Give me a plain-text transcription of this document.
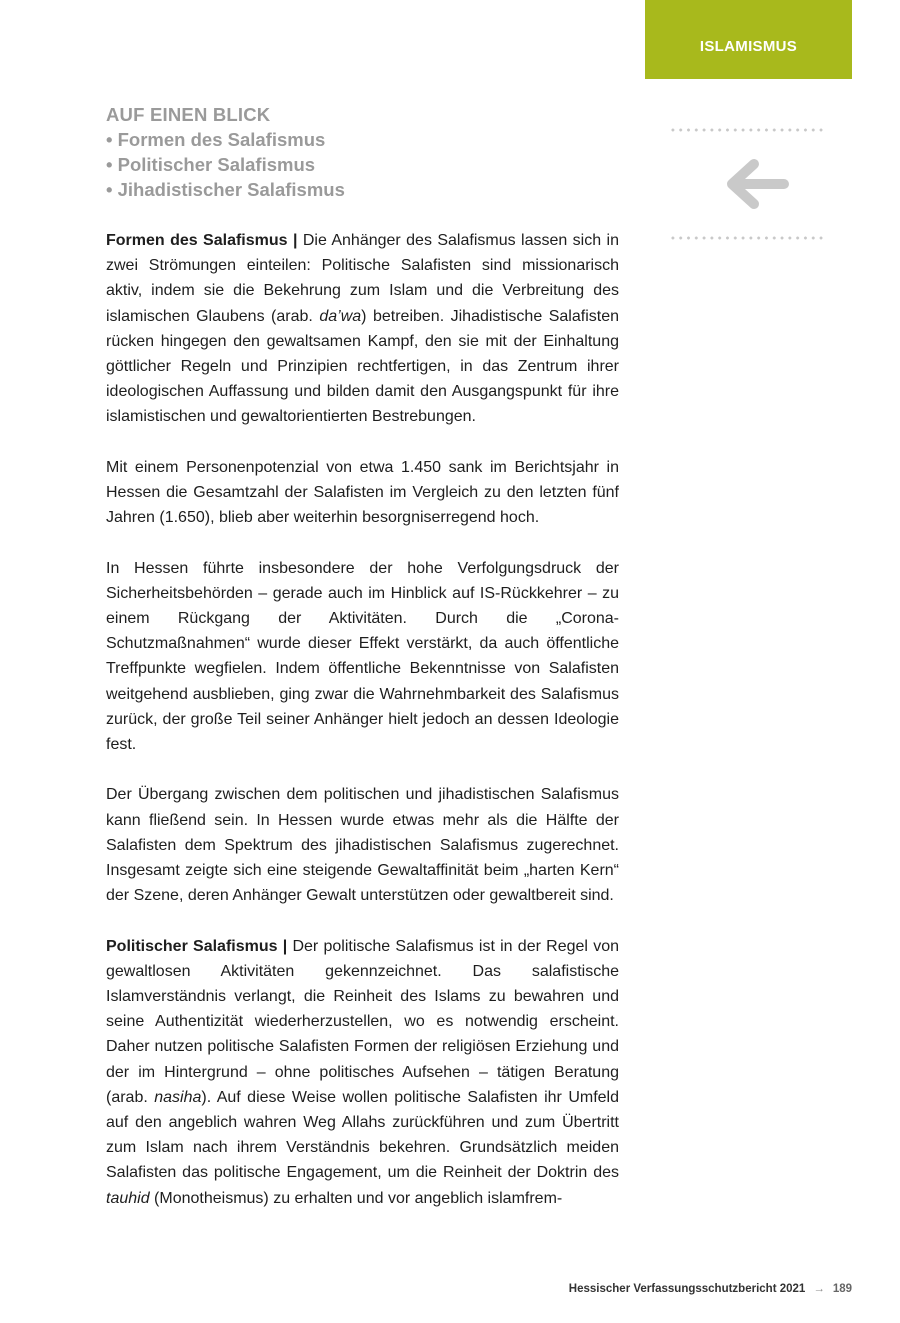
ISLAMISMUS
AUF EINEN BLICK
• Formen des Salafismus
• Politischer Salafismus
• Jihadistischer Salafismus

Formen des Salafismus | Die Anhänger des Salafismus lassen sich in zwei Strömungen einteilen: Politische Salafisten sind missionarisch aktiv, indem sie die Bekehrung zum Islam und die Verbreitung des islamischen Glaubens (arab. da’wa) betreiben. Jihadistische Salafisten rücken hingegen den gewaltsamen Kampf, den sie mit der Einhaltung göttlicher Regeln und Prinzipien rechtfertigen, in das Zentrum ihrer ideologischen Auffassung und bilden damit den Ausgangspunkt für ihre islamistischen und gewaltorientierten Bestrebungen.

Mit einem Personenpotenzial von etwa 1.450 sank im Berichtsjahr in Hessen die Gesamtzahl der Salafisten im Vergleich zu den letzten fünf Jahren (1.650), blieb aber weiterhin besorgniserregend hoch.

In Hessen führte insbesondere der hohe Verfolgungsdruck der Sicherheitsbehörden – gerade auch im Hinblick auf IS-Rückkehrer – zu einem Rückgang der Aktivitäten. Durch die „Corona-Schutzmaßnahmen“ wurde dieser Effekt verstärkt, da auch öffentliche Treffpunkte wegfielen. Indem öffentliche Bekenntnisse von Salafisten weitgehend ausblieben, ging zwar die Wahrnehmbarkeit des Salafismus zurück, der große Teil seiner Anhänger hielt jedoch an dessen Ideologie fest.

Der Übergang zwischen dem politischen und jihadistischen Salafismus kann fließend sein. In Hessen wurde etwas mehr als die Hälfte der Salafisten dem Spektrum des jihadistischen Salafismus zugerechnet. Insgesamt zeigte sich eine steigende Gewaltaffinität beim „harten Kern“ der Szene, deren Anhänger Gewalt unterstützen oder gewaltbereit sind.

Politischer Salafismus | Der politische Salafismus ist in der Regel von gewaltlosen Aktivitäten gekennzeichnet. Das salafistische Islamverständnis verlangt, die Reinheit des Islams zu bewahren und seine Authentizität wiederherzustellen, wo es notwendig erscheint. Daher nutzen politische Salafisten Formen der religiösen Erziehung und der im Hintergrund – ohne politisches Aufsehen – tätigen Beratung (arab. nasiha). Auf diese Weise wollen politische Salafisten ihr Umfeld auf den angeblich wahren Weg Allahs zurückführen und zum Übertritt zum Islam nach ihrem Verständnis bekehren. Grundsätzlich meiden Salafisten das politische Engagement, um die Reinheit der Doktrin des tauhid (Monotheismus) zu erhalten und vor angeblich islamfrem-

Hessischer Verfassungsschutzbericht 2021 → 189
